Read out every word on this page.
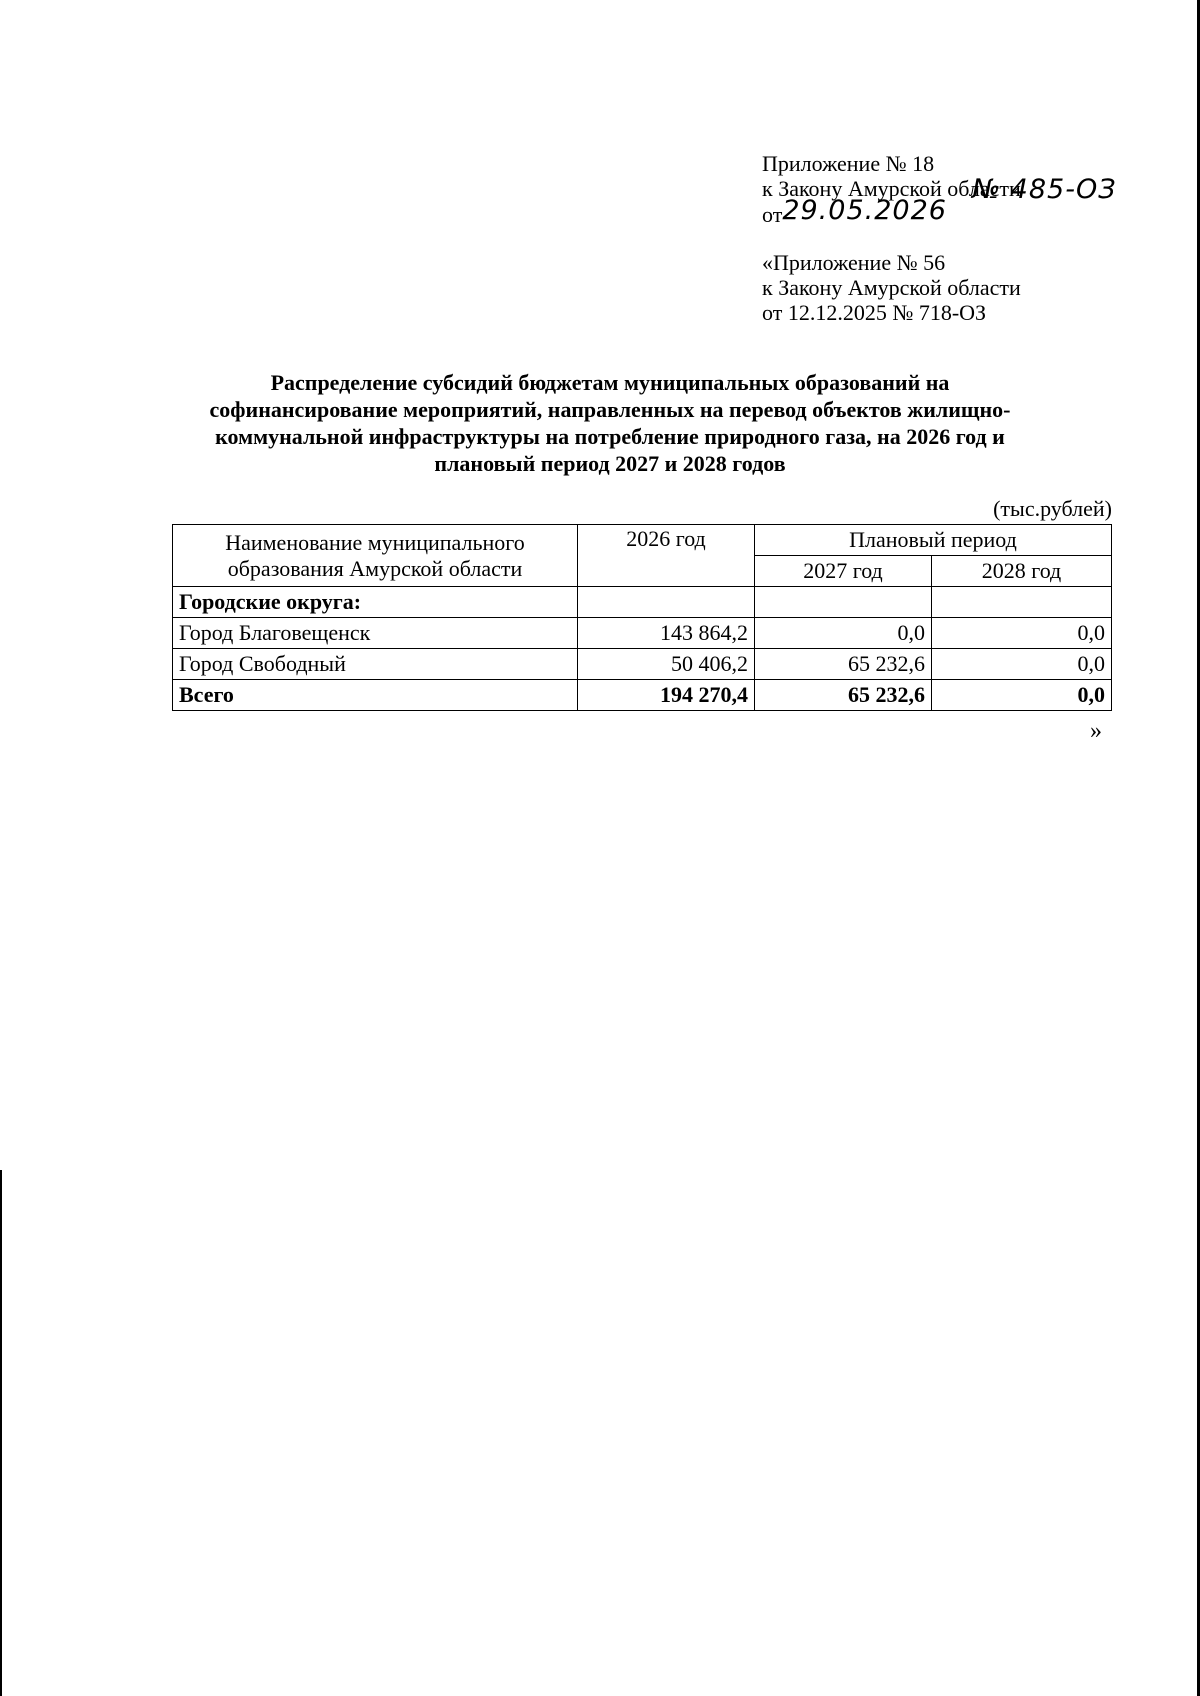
Приложение № 18
к Закону Амурской области
от29.05.2026
№ 485-ОЗ
«Приложение № 56
к Закону Амурской области
от 12.12.2025 № 718-ОЗ
Распределение субсидий бюджетам муниципальных образований на
софинансирование мероприятий, направленных на перевод объектов жилищно-
коммунальной инфраструктуры на потребление природного газа, на 2026 год и
плановый период 2027 и 2028 годов
(тыс.рублей)
Наименование муниципального
образования Амурской области	2026 год	Плановый период	
		2027 год	2028 год
Городские округа:			
Город Благовещенск	143 864,2	0,0	0,0
Город Свободный	50 406,2	65 232,6	0,0
Всего	194 270,4	65 232,6	0,0
»
